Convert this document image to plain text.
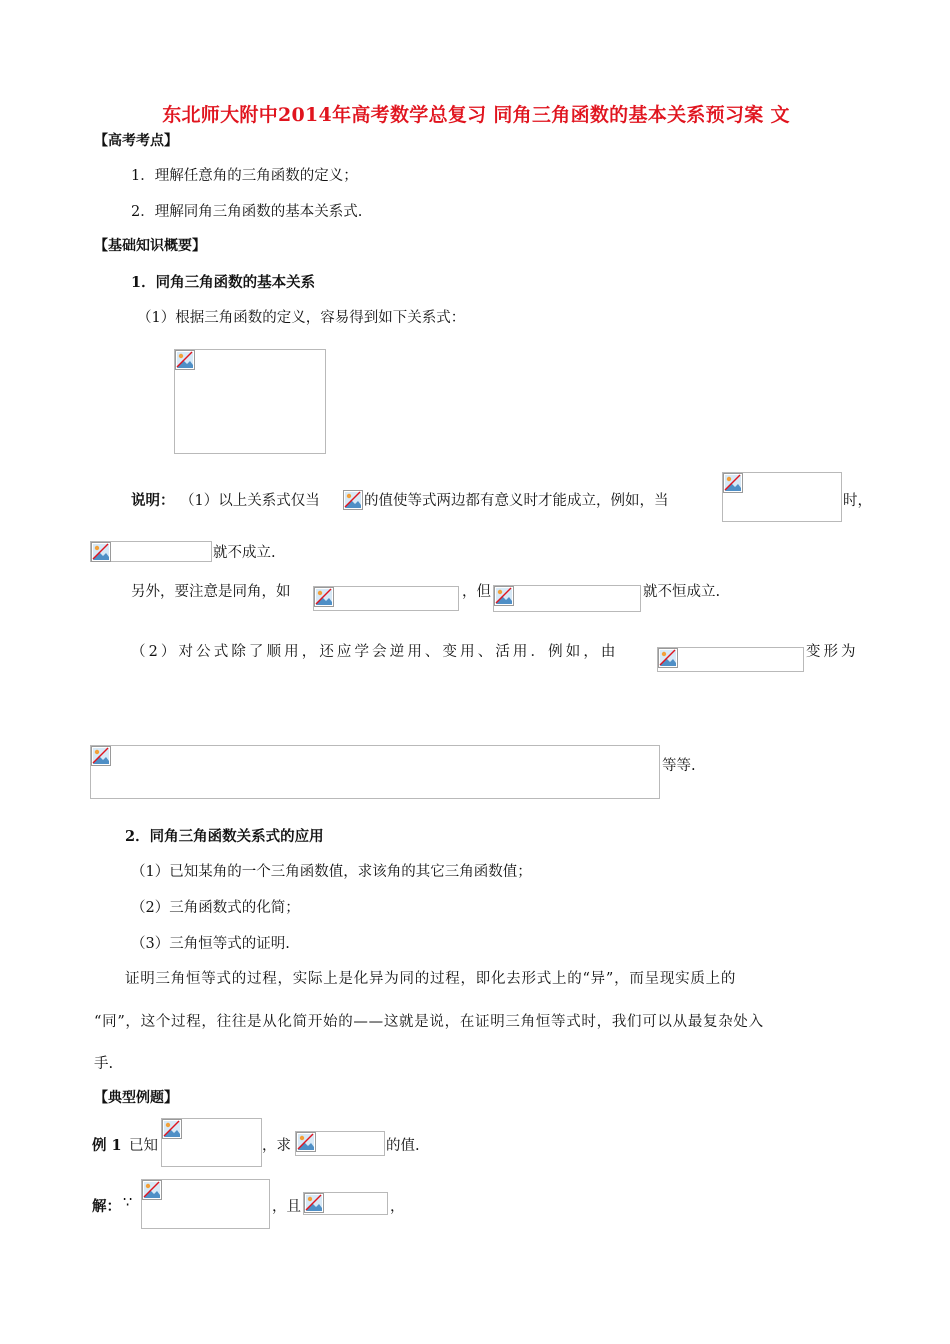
东北师大附中2014年高考数学总复习 同角三角函数的基本关系预习案 文
【高考考点】
1．理解任意角的三角函数的定义；
2．理解同角三角函数的基本关系式.
【基础知识概要】
1．同角三角函数的基本关系
（1）根据三角函数的定义，容易得到如下关系式：
说明： （1）以上关系式仅当	的值使等式两边都有意义时才能成立，例如，当	时，
就不成立.
另外，要注意是同角，如	，但	就不恒成立.
（2）对公式除了顺用，还应学会逆用、变用、活用．例如，由	变形为
等等.
2．同角三角函数关系式的应用
（1）已知某角的一个三角函数值，求该角的其它三角函数值；
（2）三角函数式的化简；
（3）三角恒等式的证明.
证明三角恒等式的过程，实际上是化异为同的过程，即化去形式上的“异”，而呈现实质上的
“同”，这个过程，往往是从化简开始的——这就是说，在证明三角恒等式时，我们可以从最复杂处入
手.
【典型例题】
例 1 已知	，求	的值.
解： ∵	，且	，
